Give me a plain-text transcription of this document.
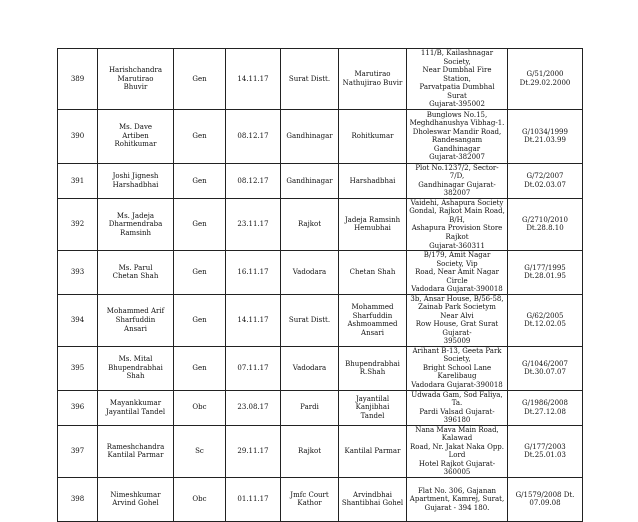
389	Harishchandra
Marutirao
Bhuvir	Gen	14.11.17	Surat Distt.	Marutirao
Nathujirao Buvir	111/B, Kailashnagar Society,
Near Dumbhal Fire Station,
Parvatpatia Dumbhal Surat
Gujarat-395002	G/51/2000
Dt.29.02.2000

390	Ms. Dave
Artiben
Rohitkumar	Gen	08.12.17	Gandhinagar	Rohitkumar	Bunglows No.15,
Meghdhanushya Vibhag-1.
Dholeswar Mandir Road,
Randesangam Gandhinagar
Gujarat-382007	G/1034/1999
Dt.21.03.99

391	Joshi Jignesh
Harshadbhai	Gen	08.12.17	Gandhinagar	Harshadbhai	Plot No.1237/2, Sector-7/D,
Gandhinagar Gujarat-382007	G/72/2007
Dt.02.03.07

392	Ms. Jadeja
Dharmendraba
Ramsinh	Gen	23.11.17	Rajkot	Jadeja Ramsinh
Hemubhai	Vaidehi, Ashapura Society
Gondal, Rajkot Main Road, B/H,
Ashapura Provision Store Rajkot
Gujarat-360311	G/2710/2010
Dt.28.8.10

393	Ms. Parul
Chetan Shah	Gen	16.11.17	Vadodara	Chetan Shah	B/179, Amit Nagar Society, Vip
Road, Near Amit Nagar Circle
Vadodara Gujarat-390018	G/177/1995
Dt.28.01.95

394	Mohammed Arif
Sharfuddin
Ansari	Gen	14.11.17	Surat Distt.	Mohammed
Sharfuddin
Ashmoammed
Ansari	3b, Ansar House, B/56-58,
Zainab Park Societym Near Alvi
Row House, Grat Surat Gujarat-
395009	G/62/2005
Dt.12.02.05

395	Ms. Mital
Bhupendrabhai
Shah	Gen	07.11.17	Vadodara	Bhupendrabhai
R.Shah	Arihant B-13, Geeta Park Society,
Bright School Lane Karelibaug
Vadodara Gujarat-390018	G/1046/2007
Dt.30.07.07

396	Mayankkumar
Jayantilal Tandel	Obc	23.08.17	Pardi	Jayantilal Kanjibhai
Tandel	Udwada Gam, Sod Faliya, Ta.
Pardi Valsad Gujarat-396180	G/1986/2008
Dt.27.12.08

397	Rameshchandra
Kantilal Parmar	Sc	29.11.17	Rajkot	Kantilal Parmar	Nana Mava Main Road, Kalawad
Road, Nr. Jakat Naka Opp. Lord
Hotel Rajkot Gujarat-360005	G/177/2003
Dt.25.01.03

398	Nimeshkumar
Arvind Gohel	Obc	01.11.17	Jmfc Court
Kathor	Arvindbhai
Shantibhai Gohel	Flat No. 306, Gajanan
Apartment, Kamrej, Surat,
Gujarat - 394 180.	G/1579/2008 Dt.
07.09.08
